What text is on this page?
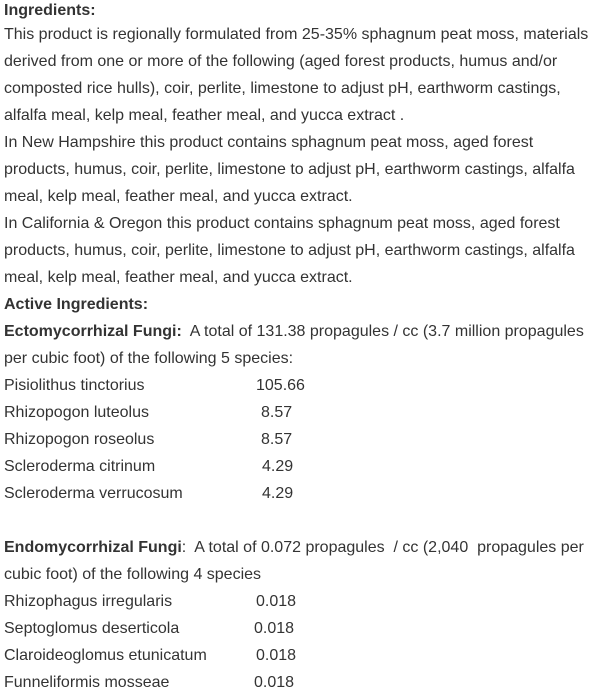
Ingredients:

This product is regionally formulated from 25-35% sphagnum peat moss, materials derived from one or more of the following (aged forest products, humus and/or composted rice hulls), coir, perlite, limestone to adjust pH, earthworm castings, alfalfa meal, kelp meal, feather meal, and yucca extract .

In New Hampshire this product contains sphagnum peat moss, aged forest products, humus, coir, perlite, limestone to adjust pH, earthworm castings, alfalfa meal, kelp meal, feather meal, and yucca extract.

In California & Oregon this product contains sphagnum peat moss, aged forest products, humus, coir, perlite, limestone to adjust pH, earthworm castings, alfalfa meal, kelp meal, feather meal, and yucca extract.

Active Ingredients:

Ectomycorrhizal Fungi:  A total of 131.38 propagules / cc (3.7 million propagules per cubic foot) of the following 5 species:

Pisiolithus tinctorius	105.66
Rhizopogon luteolus	8.57
Rhizopogon roseolus	8.57
Scleroderma citrinum	4.29
Scleroderma verrucosum	4.29

Endomycorrhizal Fungi:  A total of 0.072 propagules  / cc (2,040  propagules per cubic foot) of the following 4 species

Rhizophagus irregularis	0.018
Septoglomus deserticola	0.018
Claroideoglomus etunicatum	0.018
Funneliformis mosseae	0.018
